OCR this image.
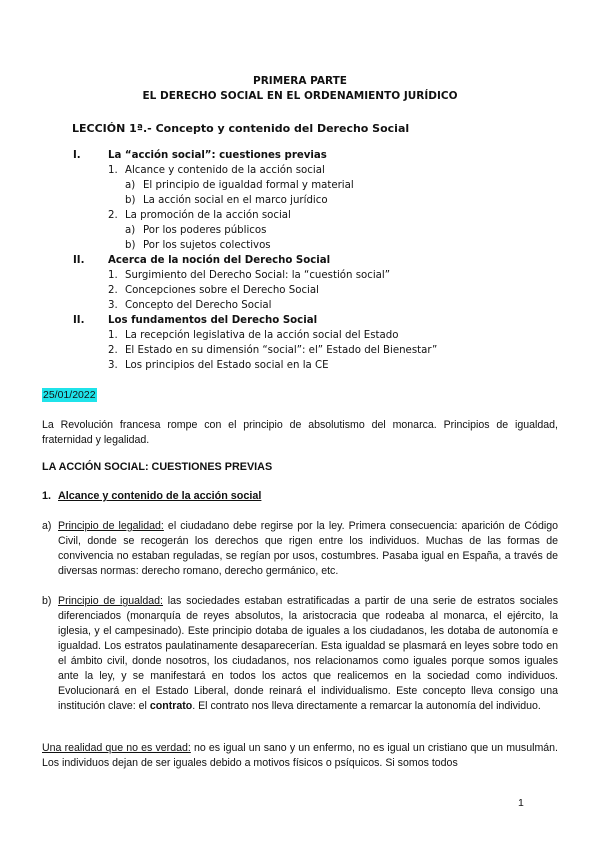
PRIMERA PARTE
EL DERECHO SOCIAL EN EL ORDENAMIENTO JURÍDICO
LECCIÓN 1ª.- Concepto y contenido del Derecho Social
I.	La “acción social”: cuestiones previas
1. Alcance y contenido de la acción social
a) El principio de igualdad formal y material
b) La acción social en el marco jurídico
2. La promoción de la acción social
a) Por los poderes públicos
b) Por los sujetos colectivos
II. Acerca de la noción del Derecho Social
1. Surgimiento del Derecho Social: la “cuestión social”
2. Concepciones sobre el Derecho Social
3. Concepto del Derecho Social
II. Los fundamentos del Derecho Social
1. La recepción legislativa de la acción social del Estado
2. El Estado en su dimensión “social”: el” Estado del Bienestar”
3. Los principios del Estado social en la CE
25/01/2022
La Revolución francesa rompe con el principio de absolutismo del monarca. Principios de igualdad, fraternidad y legalidad.
LA ACCIÓN SOCIAL: CUESTIONES PREVIAS
1. Alcance y contenido de la acción social
a) Principio de legalidad: el ciudadano debe regirse por la ley. Primera consecuencia: aparición de Código Civil, donde se recogerán los derechos que rigen entre los individuos. Muchas de las formas de convivencia no estaban reguladas, se regían por usos, costumbres. Pasaba igual en España, a través de diversas normas: derecho romano, derecho germánico, etc.
b) Principio de igualdad: las sociedades estaban estratificadas a partir de una serie de estratos sociales diferenciados (monarquía de reyes absolutos, la aristocracia que rodeaba al monarca, el ejército, la iglesia, y el campesinado). Este principio dotaba de iguales a los ciudadanos, les dotaba de autonomía e igualdad. Los estratos paulatinamente desaparecerían. Esta igualdad se plasmará en leyes sobre todo en el ámbito civil, donde nosotros, los ciudadanos, nos relacionamos como iguales porque somos iguales ante la ley, y se manifestará en todos los actos que realicemos en la sociedad como individuos. Evolucionará en el Estado Liberal, donde reinará el individualismo. Este concepto lleva consigo una institución clave: el contrato. El contrato nos lleva directamente a remarcar la autonomía del individuo.
Una realidad que no es verdad: no es igual un sano y un enfermo, no es igual un cristiano que un musulmán. Los individuos dejan de ser iguales debido a motivos físicos o psíquicos. Si somos todos
1
